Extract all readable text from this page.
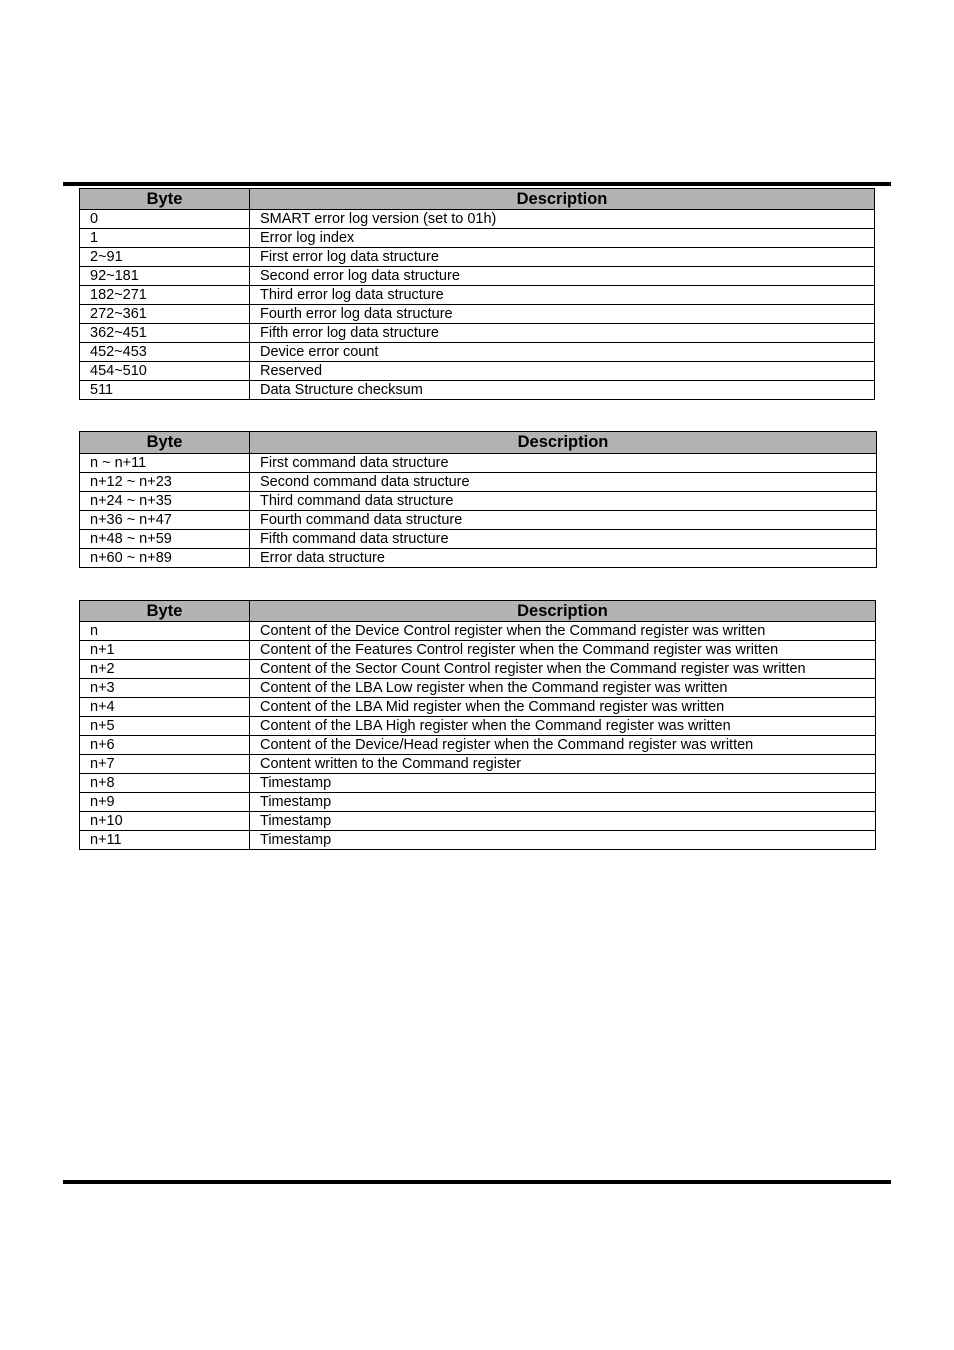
Byte	Description
0	SMART error log version (set to 01h)
1	Error log index
2~91	First error log data structure
92~181	Second error log data structure
182~271	Third error log data structure
272~361	Fourth error log data structure
362~451	Fifth error log data structure
452~453	Device error count
454~510	Reserved
511	Data Structure checksum
Byte	Description
n ~ n+11	First command data structure
n+12 ~ n+23	Second command data structure
n+24 ~ n+35	Third command data structure
n+36 ~ n+47	Fourth command data structure
n+48 ~ n+59	Fifth command data structure
n+60 ~ n+89	Error data structure
Byte	Description
n	Content of the Device Control register when the Command register was written
n+1	Content of the Features Control register when the Command register was written
n+2	Content of the Sector Count Control register when the Command register was written
n+3	Content of the LBA Low register when the Command register was written
n+4	Content of the LBA Mid register when the Command register was written
n+5	Content of the LBA High register when the Command register was written
n+6	Content of the Device/Head register when the Command register was written
n+7	Content written to the Command register
n+8	Timestamp
n+9	Timestamp
n+10	Timestamp
n+11	Timestamp
